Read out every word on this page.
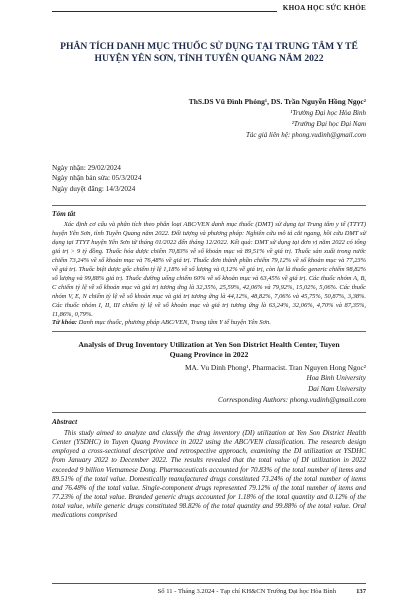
KHOA HỌC SỨC KHỎE
PHÂN TÍCH DANH MỤC THUỐC SỬ DỤNG TẠI TRUNG TÂM Y TẾ
HUYỆN YÊN SƠN, TỈNH TUYÊN QUANG NĂM 2022
ThS.DS Vũ Đình Phóng¹, DS. Trần Nguyễn Hồng Ngọc²
¹Trường Đại học Hòa Bình
²Trường Đại học Đại Nam
Tác giả liên hệ: phong.vudinh@gmail.com
Ngày nhận: 29/02/2024
Ngày nhận bản sửa: 05/3/2024
Ngày duyệt đăng: 14/3/2024
Tóm tắt
Xác định cơ cấu và phân tích theo phân loại ABC/VEN danh mục thuốc (DMT) sử dụng tại Trung tâm y tế (TTYT) huyện Yên Sơn, tỉnh Tuyên Quang năm 2022. Đối tượng và phương pháp: Nghiên cứu mô tả cắt ngang, hồi cứu DMT sử dụng tại TTYT huyện Yên Sơn từ tháng 01/2022 đến tháng 12/2022. Kết quả: DMT sử dụng tại đơn vị năm 2022 có tổng giá trị > 9 tỷ đồng. Thuốc hóa dược chiếm 70,83% về số khoản mục và 89,51% về giá trị. Thuốc sản xuất trong nước chiếm 73,24% về số khoản mục và 76,48% về giá trị. Thuốc đơn thành phần chiếm 79,12% về số khoản mục và 77,23% về giá trị. Thuốc biệt dược gốc chiếm tỷ lệ 1,18% về số lượng và 0,12% về giá trị, còn lại là thuốc generic chiếm 98,82% số lượng và 99,88% giá trị. Thuốc đường uống chiếm 60% về số khoản mục và 63,45% về giá trị. Các thuốc nhóm A, B, C chiếm tỷ lệ về số khoản mục và giá trị tương ứng là 32,35%, 25,59%, 42,06% và 79,92%, 15,02%, 5,06%. Các thuốc nhóm V, E, N chiếm tỷ lệ về số khoản mục và giá trị tương ứng là 44,12%, 48,82%, 7,06% và 45,75%, 50,87%, 3,38%. Các thuốc nhóm I, II, III chiếm tỷ lệ về số khoản mục và giá trị tương ứng là 63,24%, 32,06%, 4,70% và 87,35%, 11,86%, 0,79%.
Từ khóa: Danh mục thuốc, phương pháp ABC/VEN, Trung tâm Y tế huyện Yên Sơn.
Analysis of Drug Inventory Utilization at Yen Son District Health Center, Tuyen
Quang Province in 2022
MA. Vu Dinh Phong¹, Pharmacist. Tran Nguyen Hong Ngoc²
Hoa Binh University
Dai Nam University
Corresponding Authors: phong.vudinh@gmail.com
Abstract
This study aimed to analyze and classify the drug inventory (DI) utilization at Yen Son District Health Center (YSDHC) in Tuyen Quang Province in 2022 using the ABC/VEN classification. The research design employed a cross-sectional descriptive and retrospective approach, examining the DI utilization at YSDHC from January 2022 to December 2022. The results revealed that the total value of DI utilization in 2022 exceeded 9 billion Vietnamese Dong. Pharmaceuticals accounted for 70.83% of the total number of items and 89.51% of the total value. Domestically manufactured drugs constituted 73.24% of the total number of items and 76.48% of the total value. Single-component drugs represented 79.12% of the total number of items and 77.23% of the total value. Branded generic drugs accounted for 1.18% of the total quantity and 0.12% of the total value, while generic drugs constituted 98.82% of the total quantity and 99.88% of the total value. Oral medications comprised
Số 11 - Tháng 3.2024 - Tạp chí KH&CN Trường Đại học Hòa Bình	137
